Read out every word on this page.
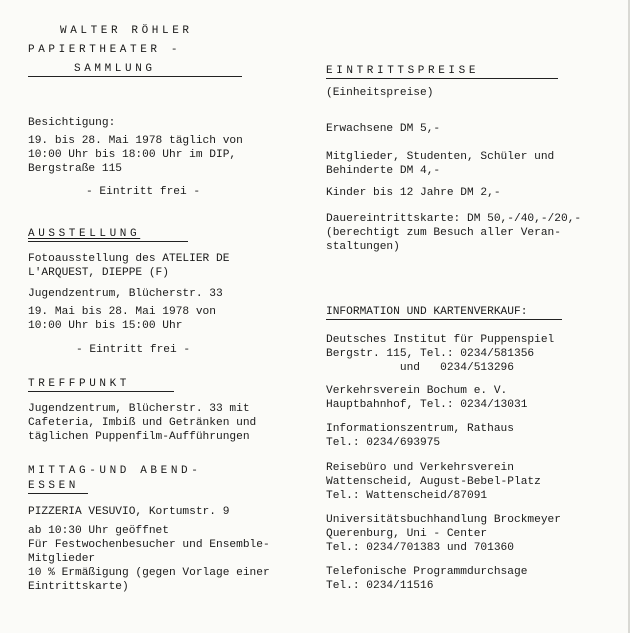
WALTER RÖHLER
PAPIERTHEATER -
SAMMLUNG
Besichtigung:
19. bis 28. Mai 1978 täglich von
10:00 Uhr bis 18:00 Uhr im DIP,
Bergstraße 115
- Eintritt frei -
AUSSTELLUNG
Fotoausstellung des ATELIER DE
L'ARQUEST, DIEPPE (F)
Jugendzentrum, Blücherstr. 33
19. Mai bis 28. Mai 1978 von
10:00 Uhr bis 15:00 Uhr
- Eintritt frei -
TREFFPUNKT
Jugendzentrum, Blücherstr. 33 mit
Cafeteria, Imbiß und Getränken und
täglichen Puppenfilm-Aufführungen
MITTAG-UND ABEND-
ESSEN
PIZZERIA VESUVIO, Kortumstr. 9
ab 10:30 Uhr geöffnet
Für Festwochenbesucher und Ensemble-
Mitglieder
10 % Ermäßigung (gegen Vorlage einer
Eintrittskarte)
EINTRITTSPREISE
(Einheitspreise)
Erwachsene DM 5,-
Mitglieder, Studenten, Schüler und
Behinderte DM 4,-
Kinder bis 12 Jahre DM 2,-
Dauereintrittskarte: DM 50,-/40,-/20,-
(berechtigt zum Besuch aller Veran-
staltungen)
INFORMATION UND KARTENVERKAUF:
Deutsches Institut für Puppenspiel
Bergstr. 115, Tel.: 0234/581356
und   0234/513296
Verkehrsverein Bochum e. V.
Hauptbahnhof, Tel.: 0234/13031
Informationszentrum, Rathaus
Tel.: 0234/693975
Reisebüro und Verkehrsverein
Wattenscheid, August-Bebel-Platz
Tel.: Wattenscheid/87091
Universitätsbuchhandlung Brockmeyer
Querenburg, Uni - Center
Tel.: 0234/701383 und 701360
Telefonische Programmdurchsage
Tel.: 0234/11516
